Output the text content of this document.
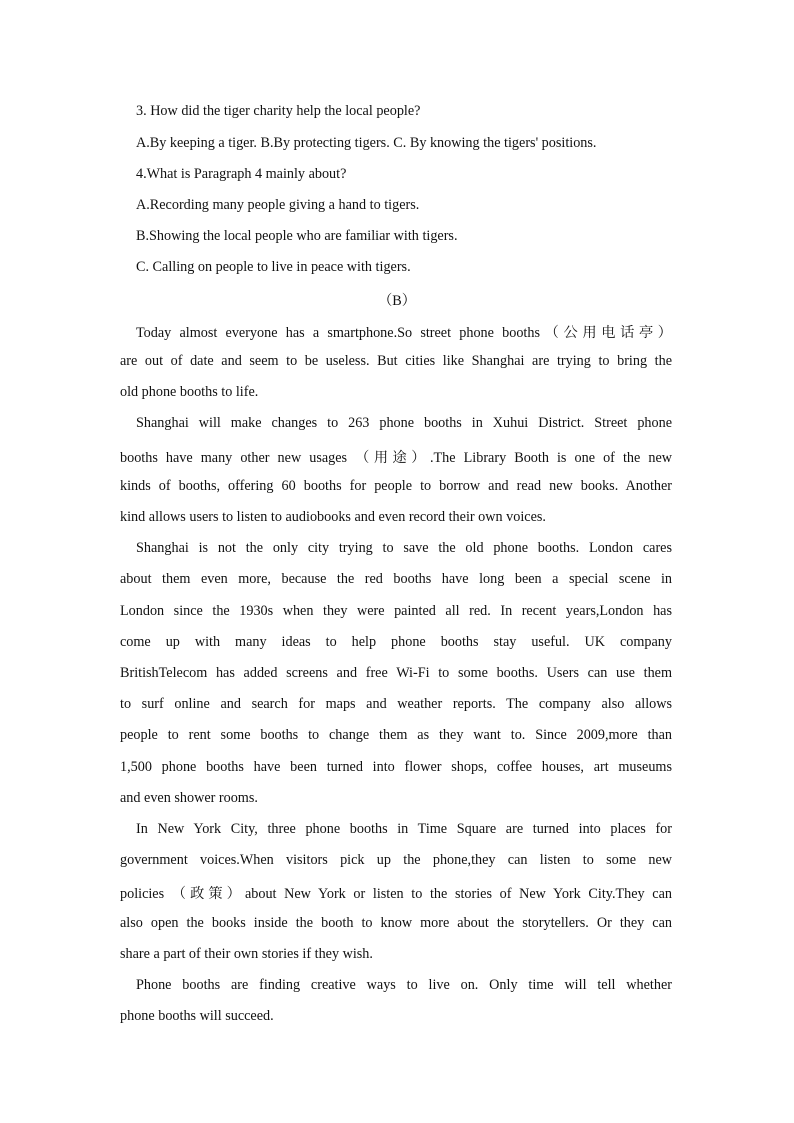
3. How did the tiger charity help the local people?
A.By keeping a tiger. B.By protecting tigers. C. By knowing the tigers' positions.
4.What is Paragraph 4 mainly about?
A.Recording many people giving a hand to tigers.
B.Showing the local people who are familiar with tigers.
C. Calling on people to live in peace with tigers.
（B）
Today almost everyone has a smartphone.So street phone booths（公用电话亭）
are out of date and seem to be useless. But cities like Shanghai are trying to bring the
old phone booths to life.
Shanghai will make changes to 263 phone booths in Xuhui District. Street phone
booths have many other new usages （用途）.The Library Booth is one of the new
kinds of booths, offering 60 booths for people to borrow and read new books. Another
kind allows users to listen to audiobooks and even record their own voices.
Shanghai is not the only city trying to save the old phone booths. London cares
about them even more, because the red booths have long been a special scene in
London since the 1930s when they were painted all red. In recent years,London has
come up with many ideas to help phone booths stay useful. UK company
BritishTelecom has added screens and free Wi-Fi to some booths. Users can use them
to surf online and search for maps and weather reports. The company also allows
people to rent some booths to change them as they want to. Since 2009,more than
1,500 phone booths have been turned into flower shops, coffee houses, art museums
and even shower rooms.
In New York City, three phone booths in Time Square are turned into places for
government voices.When visitors pick up the phone,they can listen to some new
policies （政策）about New York or listen to the stories of New York City.They can
also open the books inside the booth to know more about the storytellers. Or they can
share a part of their own stories if they wish.
Phone booths are finding creative ways to live on. Only time will tell whether
phone booths will succeed.
